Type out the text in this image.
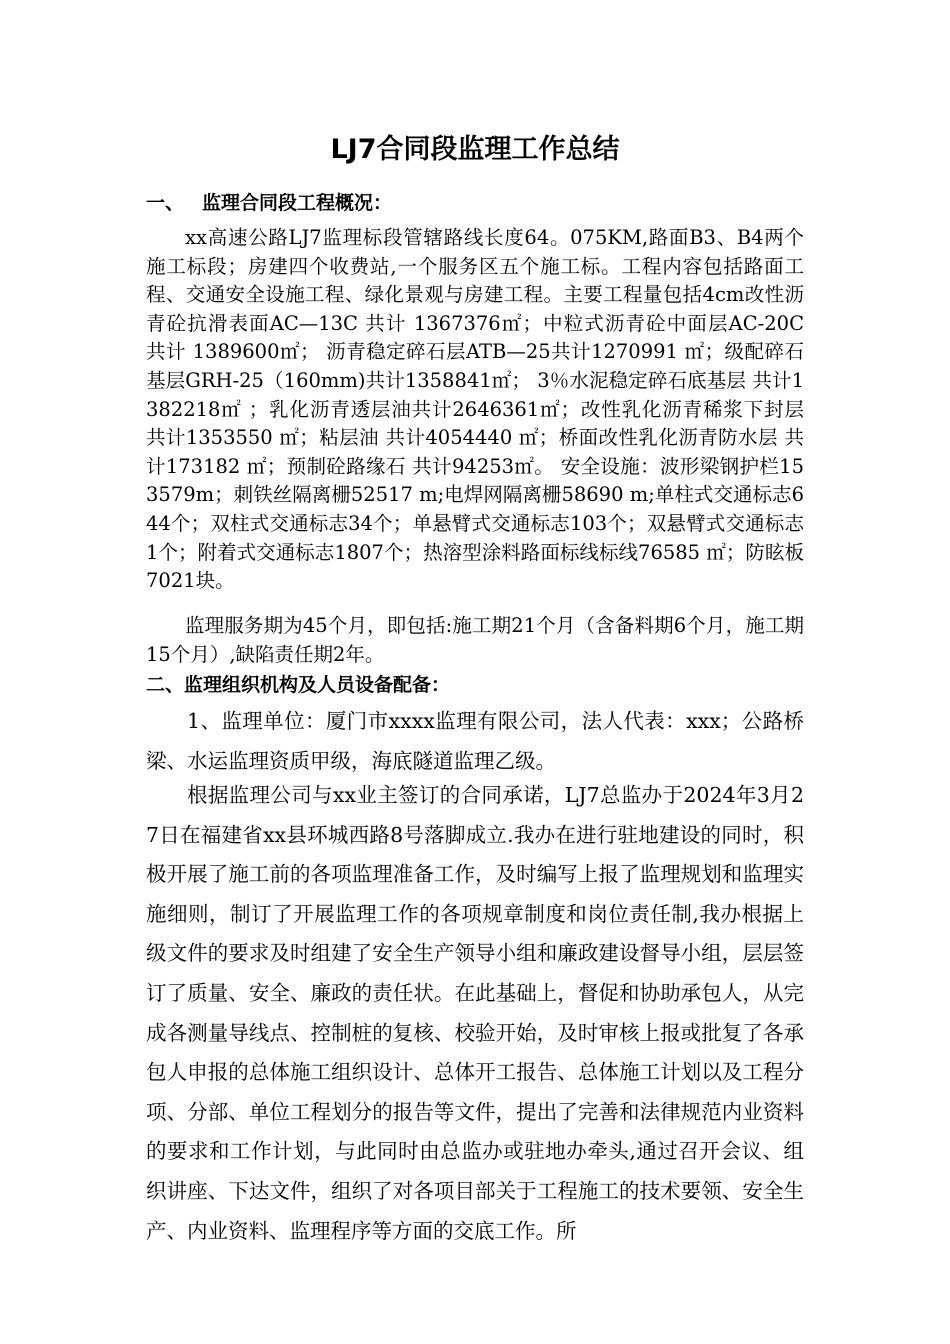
LJ7合同段监理工作总结
一、 监理合同段工程概况：

xx高速公路LJ7监理标段管辖路线长度64。075KM,路面B3、B4两个施工标段；房建四个收费站,一个服务区五个施工标。工程内容包括路面工程、交通安全设施工程、绿化景观与房建工程。主要工程量包括4cm改性沥青砼抗滑表面AC—13C 共计 1367376㎡；中粒式沥青砼中面层AC-20C 共计 1389600㎡； 沥青稳定碎石层ATB—25共计1270991 ㎡；级配碎石基层GRH-25（160mm)共计1358841㎡； 3％水泥稳定碎石底基层 共计1382218㎡ ；乳化沥青透层油共计2646361㎡；改性乳化沥青稀浆下封层 共计1353550 ㎡；粘层油 共计4054440 ㎡；桥面改性乳化沥青防水层 共计173182 ㎡；预制砼路缘石 共计94253㎡。 安全设施：波形梁钢护栏153579m；刺铁丝隔离栅52517 m;电焊网隔离栅58690 m;单柱式交通标志644个；双柱式交通标志34个；单悬臂式交通标志103个；双悬臂式交通标志1个；附着式交通标志1807个；热溶型涂料路面标线标线76585 ㎡；防眩板7021块。

监理服务期为45个月，即包括:施工期21个月（含备料期6个月，施工期15个月）,缺陷责任期2年。

二、监理组织机构及人员设备配备：

1、监理单位：厦门市xxxx监理有限公司，法人代表：xxx；公路桥梁、水运监理资质甲级，海底隧道监理乙级。

根据监理公司与xx业主签订的合同承诺，LJ7总监办于2024年3月27日在福建省xx县环城西路8号落脚成立.我办在进行驻地建设的同时，积极开展了施工前的各项监理准备工作，及时编写上报了监理规划和监理实施细则，制订了开展监理工作的各项规章制度和岗位责任制,我办根据上级文件的要求及时组建了安全生产领导小组和廉政建设督导小组，层层签订了质量、安全、廉政的责任状。在此基础上，督促和协助承包人，从完成各测量导线点、控制桩的复核、校验开始，及时审核上报或批复了各承包人申报的总体施工组织设计、总体开工报告、总体施工计划以及工程分项、分部、单位工程划分的报告等文件，提出了完善和法律规范内业资料的要求和工作计划，与此同时由总监办或驻地办牵头,通过召开会议、组织讲座、下达文件，组织了对各项目部关于工程施工的技术要领、安全生产、内业资料、监理程序等方面的交底工作。所
